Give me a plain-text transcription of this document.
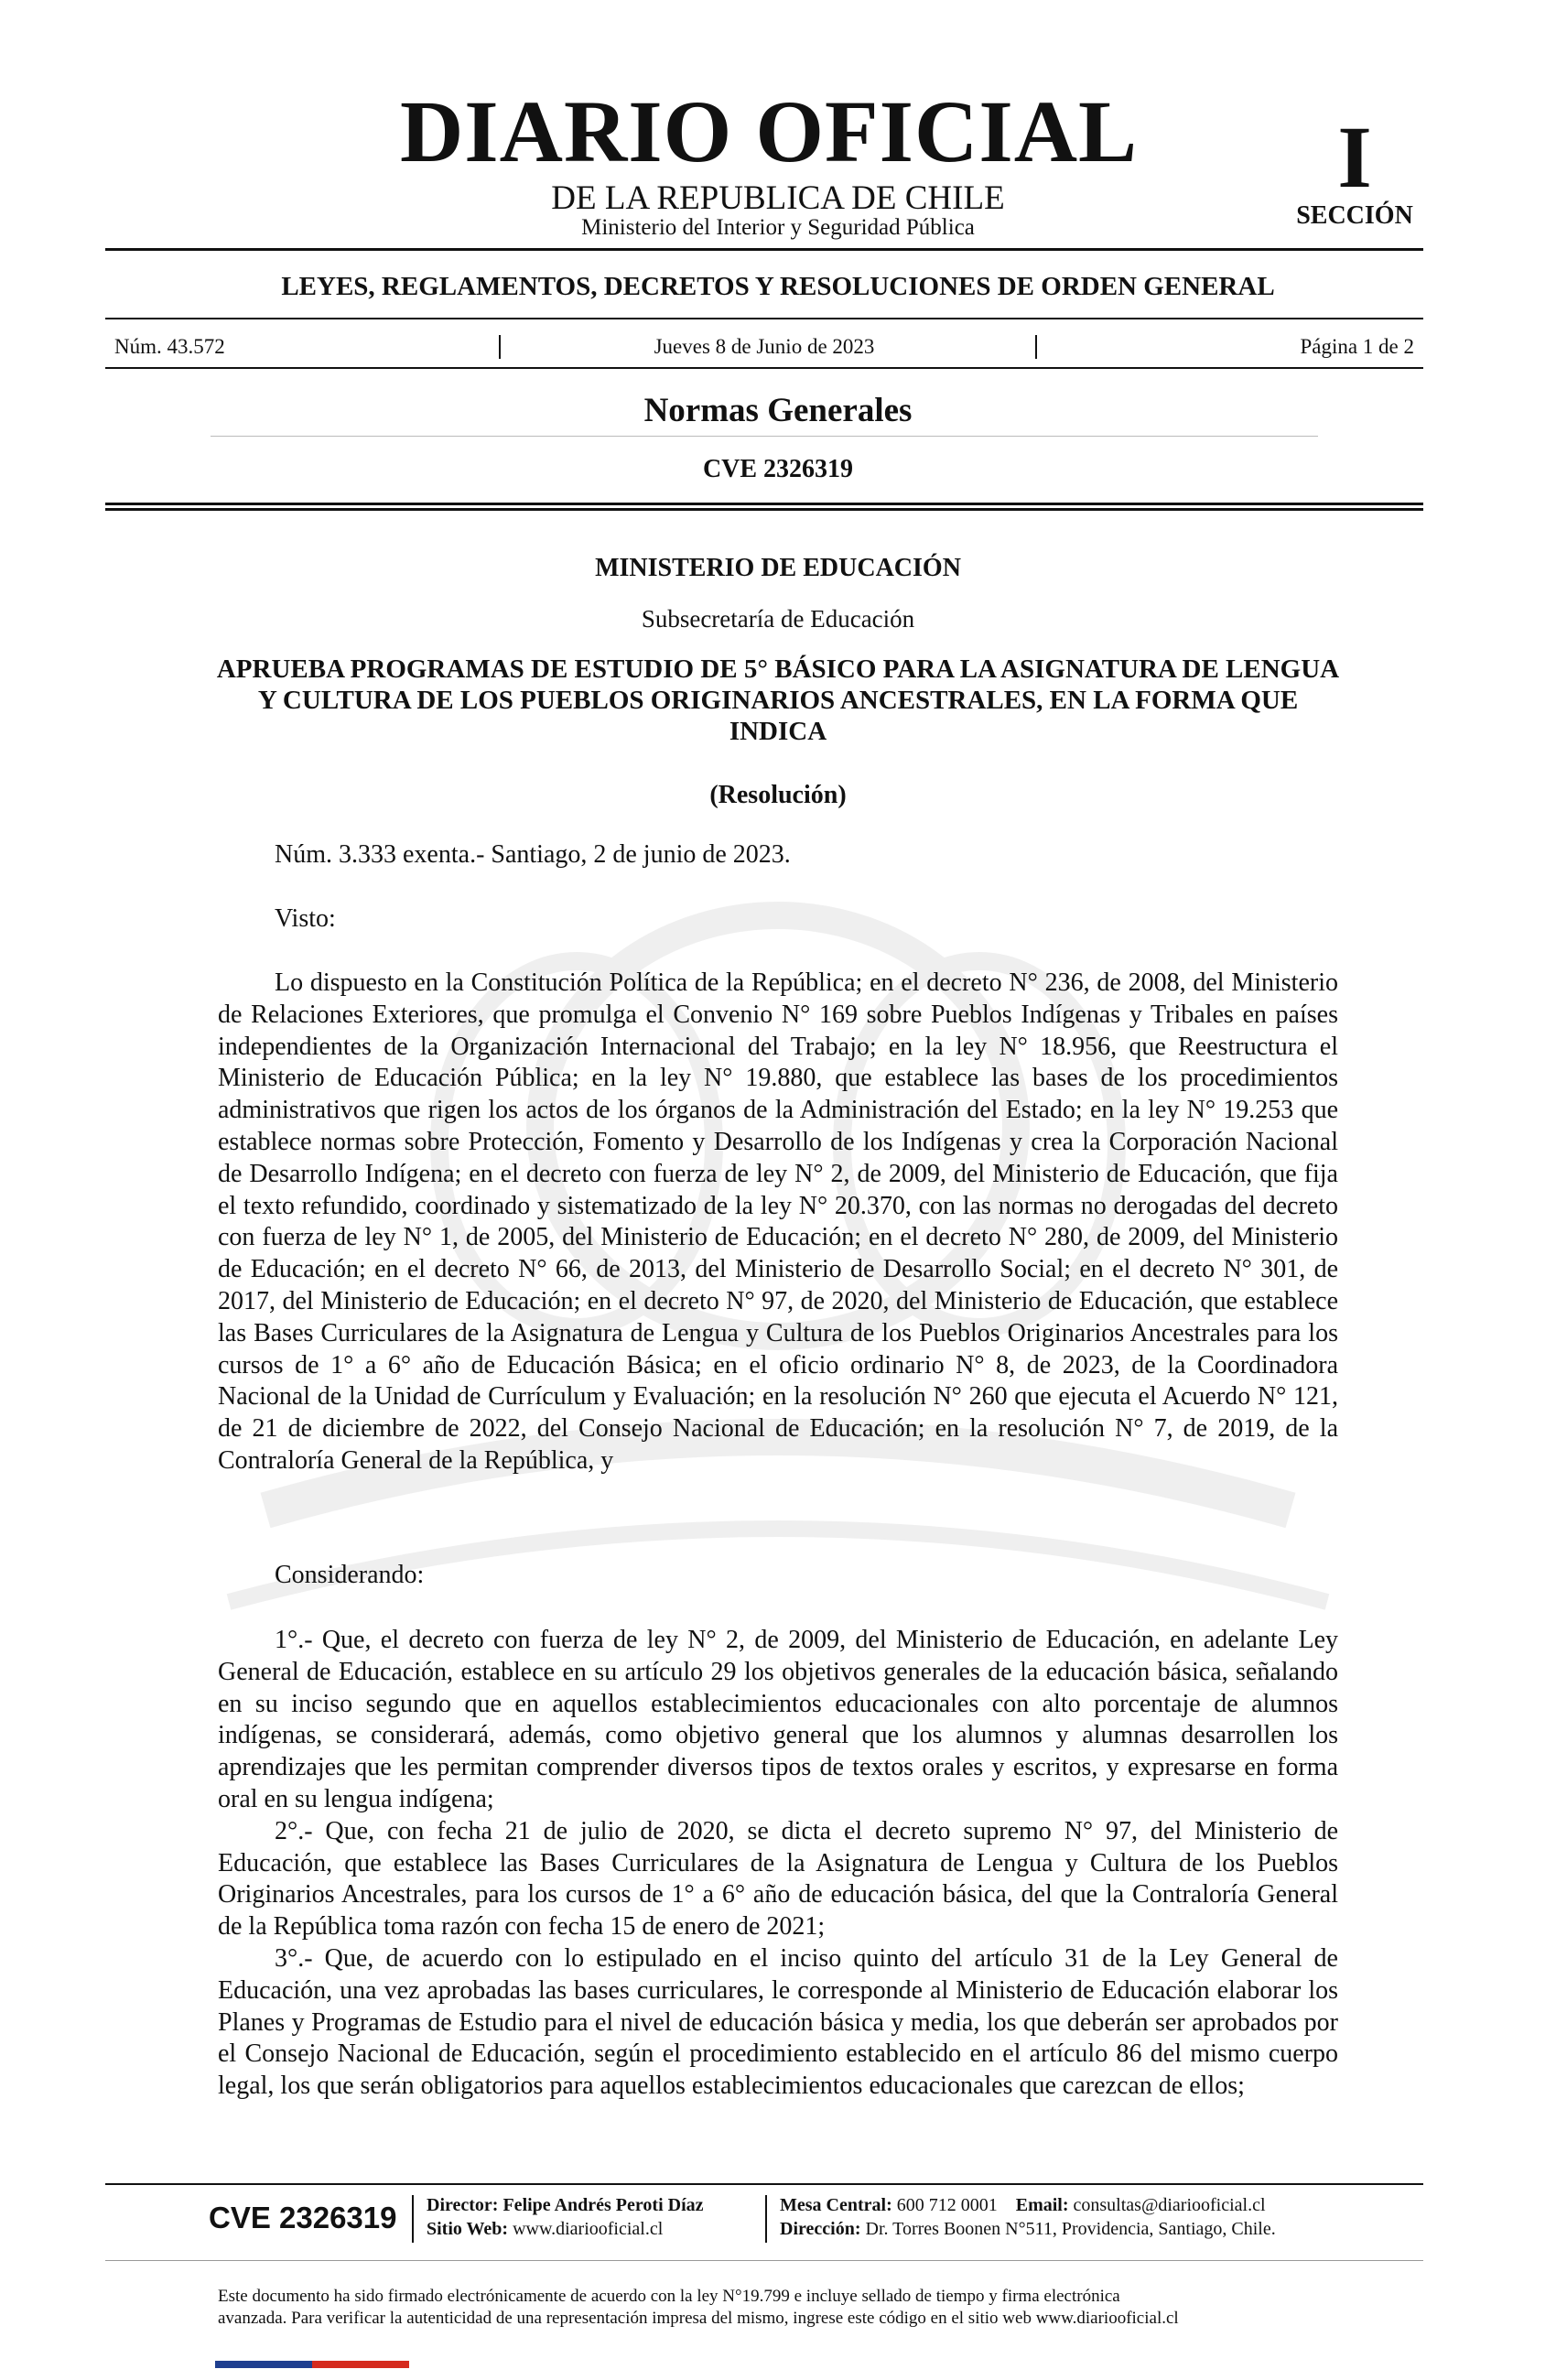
DIARIO OFICIAL
DE LA REPUBLICA DE CHILE
Ministerio del Interior y Seguridad Pública
I
SECCIÓN
LEYES, REGLAMENTOS, DECRETOS Y RESOLUCIONES DE ORDEN GENERAL
Núm. 43.572	Jueves 8 de Junio de 2023	Página 1 de 2
Normas Generales
CVE 2326319
MINISTERIO DE EDUCACIÓN
Subsecretaría de Educación
APRUEBA PROGRAMAS DE ESTUDIO DE 5° BÁSICO PARA LA ASIGNATURA DE LENGUA Y CULTURA DE LOS PUEBLOS ORIGINARIOS ANCESTRALES, EN LA FORMA QUE INDICA
(Resolución)
Núm. 3.333 exenta.- Santiago, 2 de junio de 2023.
Visto:

Lo dispuesto en la Constitución Política de la República; en el decreto N° 236, de 2008, del Ministerio de Relaciones Exteriores, que promulga el Convenio N° 169 sobre Pueblos Indígenas y Tribales en países independientes de la Organización Internacional del Trabajo; en la ley N° 18.956, que Reestructura el Ministerio de Educación Pública; en la ley N° 19.880, que establece las bases de los procedimientos administrativos que rigen los actos de los órganos de la Administración del Estado; en la ley N° 19.253 que establece normas sobre Protección, Fomento y Desarrollo de los Indígenas y crea la Corporación Nacional de Desarrollo Indígena; en el decreto con fuerza de ley N° 2, de 2009, del Ministerio de Educación, que fija el texto refundido, coordinado y sistematizado de la ley N° 20.370, con las normas no derogadas del decreto con fuerza de ley N° 1, de 2005, del Ministerio de Educación; en el decreto N° 280, de 2009, del Ministerio de Educación; en el decreto N° 66, de 2013, del Ministerio de Desarrollo Social; en el decreto N° 301, de 2017, del Ministerio de Educación; en el decreto N° 97, de 2020, del Ministerio de Educación, que establece las Bases Curriculares de la Asignatura de Lengua y Cultura de los Pueblos Originarios Ancestrales para los cursos de 1° a 6° año de Educación Básica; en el oficio ordinario N° 8, de 2023, de la Coordinadora Nacional de la Unidad de Currículum y Evaluación; en la resolución N° 260 que ejecuta el Acuerdo N° 121, de 21 de diciembre de 2022, del Consejo Nacional de Educación; en la resolución N° 7, de 2019, de la Contraloría General de la República, y

Considerando:

1°.- Que, el decreto con fuerza de ley N° 2, de 2009, del Ministerio de Educación, en adelante Ley General de Educación, establece en su artículo 29 los objetivos generales de la educación básica, señalando en su inciso segundo que en aquellos establecimientos educacionales con alto porcentaje de alumnos indígenas, se considerará, además, como objetivo general que los alumnos y alumnas desarrollen los aprendizajes que les permitan comprender diversos tipos de textos orales y escritos, y expresarse en forma oral en su lengua indígena;

2°.- Que, con fecha 21 de julio de 2020, se dicta el decreto supremo N° 97, del Ministerio de Educación, que establece las Bases Curriculares de la Asignatura de Lengua y Cultura de los Pueblos Originarios Ancestrales, para los cursos de 1° a 6° año de educación básica, del que la Contraloría General de la República toma razón con fecha 15 de enero de 2021;

3°.- Que, de acuerdo con lo estipulado en el inciso quinto del artículo 31 de la Ley General de Educación, una vez aprobadas las bases curriculares, le corresponde al Ministerio de Educación elaborar los Planes y Programas de Estudio para el nivel de educación básica y media, los que deberán ser aprobados por el Consejo Nacional de Educación, según el procedimiento establecido en el artículo 86 del mismo cuerpo legal, los que serán obligatorios para aquellos establecimientos educacionales que carezcan de ellos;

CVE 2326319 Director: Felipe Andrés Peroti Díaz
Sitio Web: www.diariooficial.cl
Mesa Central: 600 712 0001 Email: consultas@diariooficial.cl
Dirección: Dr. Torres Boonen N°511, Providencia, Santiago, Chile.
Este documento ha sido firmado electrónicamente de acuerdo con la ley N°19.799 e incluye sellado de tiempo y firma electrónica
avanzada. Para verificar la autenticidad de una representación impresa del mismo, ingrese este código en el sitio web www.diariooficial.cl
